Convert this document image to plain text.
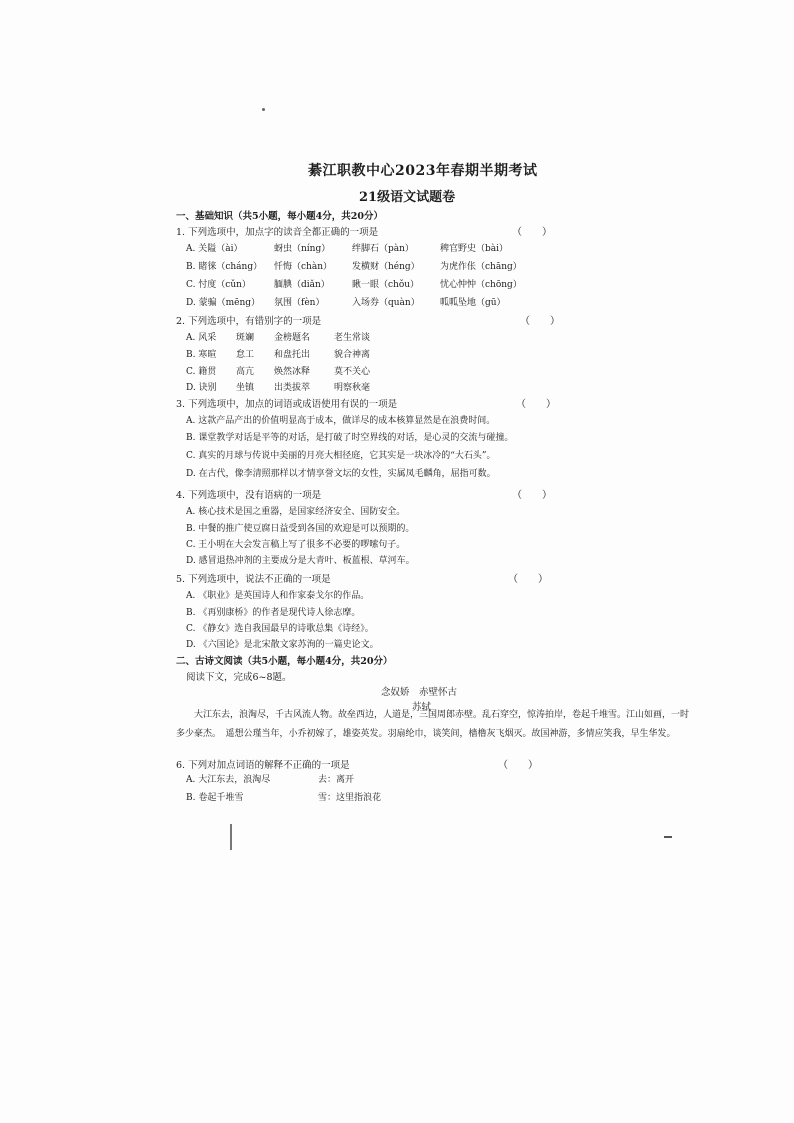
綦江职教中心2023年春期半期考试
21级语文试题卷
一、基础知识（共5小题，每小题4分，共20分）
1. 下列选项中，加点字的读音全都正确的一项是	（　　）
A. 关隘（ài）	蚜虫（níng） 绊脚石（pàn）	稗官野史（bài）
B. 睹徕（cháng） 忏悔（chàn） 发横财（héng） 为虎作伥（chāng）
C. 忖度（cǔn）	腼腆（diǎn） 瞅一眼（chǒu） 忧心忡忡（chōng）
D. 蒙骗（mēng） 氛围（fèn）	入场券（quàn） 呱呱坠地（gū）
2. 下列选项中，有错别字的一项是	（　　）
A. 风采 斑斓 金榜题名	老生常谈
B. 寒暄 怠工 和盘托出	貌合神离
C. 籍贯 高亢 焕然冰释	莫不关心
D. 诀别 坐镇 出类拔萃	明察秋毫
3. 下列选项中，加点的词语或成语使用有误的一项是	（　　）
A. 这款产品产出的价值明显高于成本，做详尽的成本核算显然是在浪费时间。
B. 课堂教学对话是平等的对话，是打破了时空界线的对话，是心灵的交流与碰撞。
C. 真实的月球与传说中美丽的月亮大相径庭，它其实是一块冰冷的“大石头”。
D. 在古代，像李清照那样以才情享誉文坛的女性，实属凤毛麟角，屈指可数。
4. 下列选项中，没有语病的一项是	（　　）
A. 核心技术是国之重器，是国家经济安全、国防安全。
B. 中餐的推广使豆腐日益受到各国的欢迎是可以预期的。
C. 王小明在大会发言稿上写了很多不必要的啰嗦句子。
D. 感冒退热冲剂的主要成分是大青叶、板蓝根、草河车。
5. 下列选项中，说法不正确的一项是	（　　）
A. 《职业》是英国诗人和作家泰戈尔的作品。
B. 《再别康桥》的作者是现代诗人徐志摩。
C. 《静女》选自我国最早的诗歌总集《诗经》。
D. 《六国论》是北宋散文家苏洵的一篇史论文。
二、古诗文阅读（共5小题，每小题4分，共20分）
阅读下文，完成6~8题。
念奴娇　赤壁怀古
苏轼
大江东去，浪淘尽，千古风流人物。故垒西边，人道是，三国周郎赤壁。乱石穿空，惊涛拍岸，卷起千堆雪。江山如画，一时多少豪杰。　遥想公瑾当年，小乔初嫁了，雄姿英发。羽扇纶巾，谈笑间，樯橹灰飞烟灭。故国神游，多情应笑我，早生华发。
6. 下列对加点词语的解释不正确的一项是	（　　）
A. 大江东去，浪淘尽	去：离开
B. 卷起千堆雪	雪：这里指浪花
